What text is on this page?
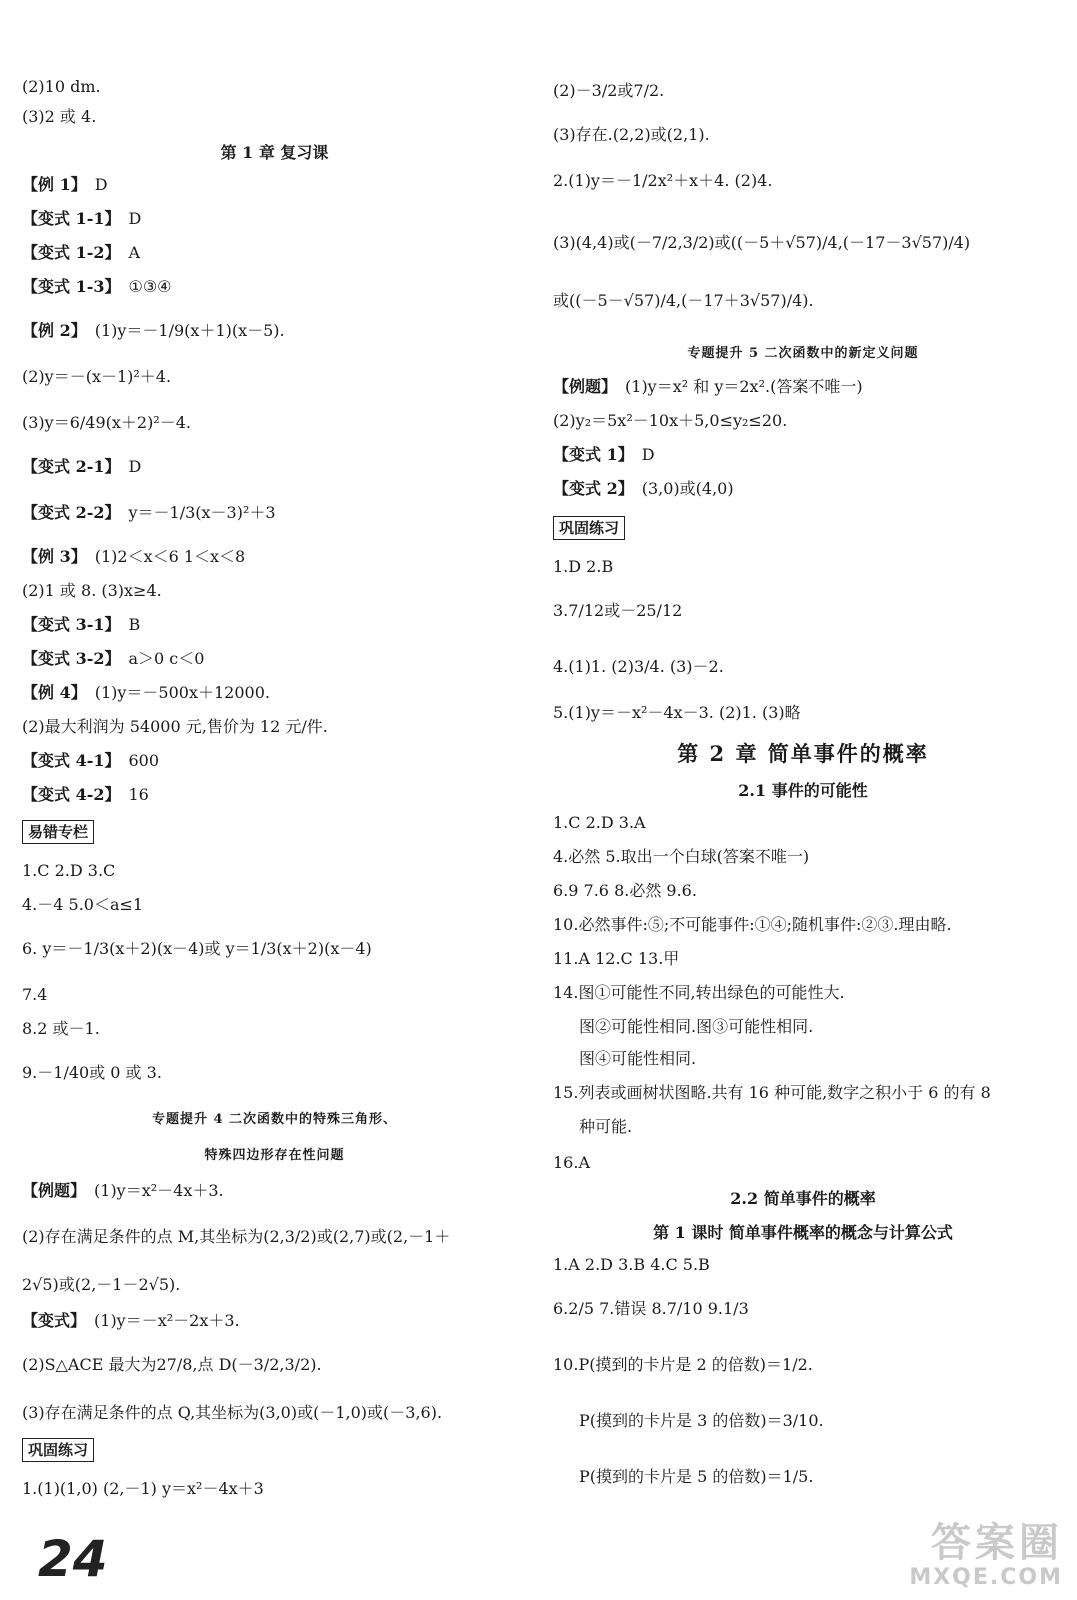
(2)10 dm.
(3)2 或 4.
第 1 章 复习课
【例 1】 D
【变式 1-1】 D
【变式 1-2】 A
【变式 1-3】 ①③④
【例 2】 (1)y＝－1/9(x＋1)(x－5).
(2)y＝－(x－1)²＋4.
(3)y＝6/49(x＋2)²－4.
【变式 2-1】 D
【变式 2-2】 y＝－1/3(x－3)²＋3
【例 3】 (1)2＜x＜6 1＜x＜8
(2)1 或 8. (3)x≥4.
【变式 3-1】 B
【变式 3-2】 a＞0 c＜0
【例 4】 (1)y＝－500x＋12000.
(2)最大利润为 54000 元,售价为 12 元/件.
【变式 4-1】 600
【变式 4-2】 16
易错专栏
1.C 2.D 3.C
4.－4 5.0＜a≤1
6. y＝－1/3(x＋2)(x－4)或 y＝1/3(x＋2)(x－4)
7.4
8.2 或－1.
9.－1/40或 0 或 3.
专题提升 4 二次函数中的特殊三角形、
特殊四边形存在性问题
【例题】 (1)y＝x²－4x＋3.
(2)存在满足条件的点 M,其坐标为(2,3/2)或(2,7)或(2,－1＋
2√5)或(2,－1－2√5).
【变式】 (1)y＝－x²－2x＋3.
(2)S△ACE 最大为27/8,点 D(－3/2,3/2).
(3)存在满足条件的点 Q,其坐标为(3,0)或(－1,0)或(－3,6).
巩固练习
1.(1)(1,0) (2,－1) y＝x²－4x＋3
(2)－3/2或7/2.
(3)存在.(2,2)或(2,1).
2.(1)y＝－1/2x²＋x＋4. (2)4.
(3)(4,4)或(－7/2,3/2)或((－5＋√57)/4,(－17－3√57)/4)
或((－5－√57)/4,(－17＋3√57)/4).
专题提升 5 二次函数中的新定义问题
【例题】 (1)y＝x² 和 y＝2x².(答案不唯一)
(2)y₂＝5x²－10x＋5,0≤y₂≤20.
【变式 1】 D
【变式 2】 (3,0)或(4,0)
巩固练习
1.D 2.B
3.7/12或－25/12
4.(1)1. (2)3/4. (3)－2.
5.(1)y＝－x²－4x－3. (2)1. (3)略
第 2 章 简单事件的概率
2.1 事件的可能性
1.C 2.D 3.A
4.必然 5.取出一个白球(答案不唯一)
6.9 7.6 8.必然 9.6.
10.必然事件:⑤;不可能事件:①④;随机事件:②③.理由略.
11.A 12.C 13.甲
14.图①可能性不同,转出绿色的可能性大.
图②可能性相同.图③可能性相同.
图④可能性相同.
15.列表或画树状图略.共有 16 种可能,数字之积小于 6 的有 8
种可能.
16.A
2.2 简单事件的概率
第 1 课时 简单事件概率的概念与计算公式
1.A 2.D 3.B 4.C 5.B
6.2/5 7.错误 8.7/10 9.1/3
10.P(摸到的卡片是 2 的倍数)＝1/2.
P(摸到的卡片是 3 的倍数)＝3/10.
P(摸到的卡片是 5 的倍数)＝1/5.
24	答案圈
MXQE.COM
